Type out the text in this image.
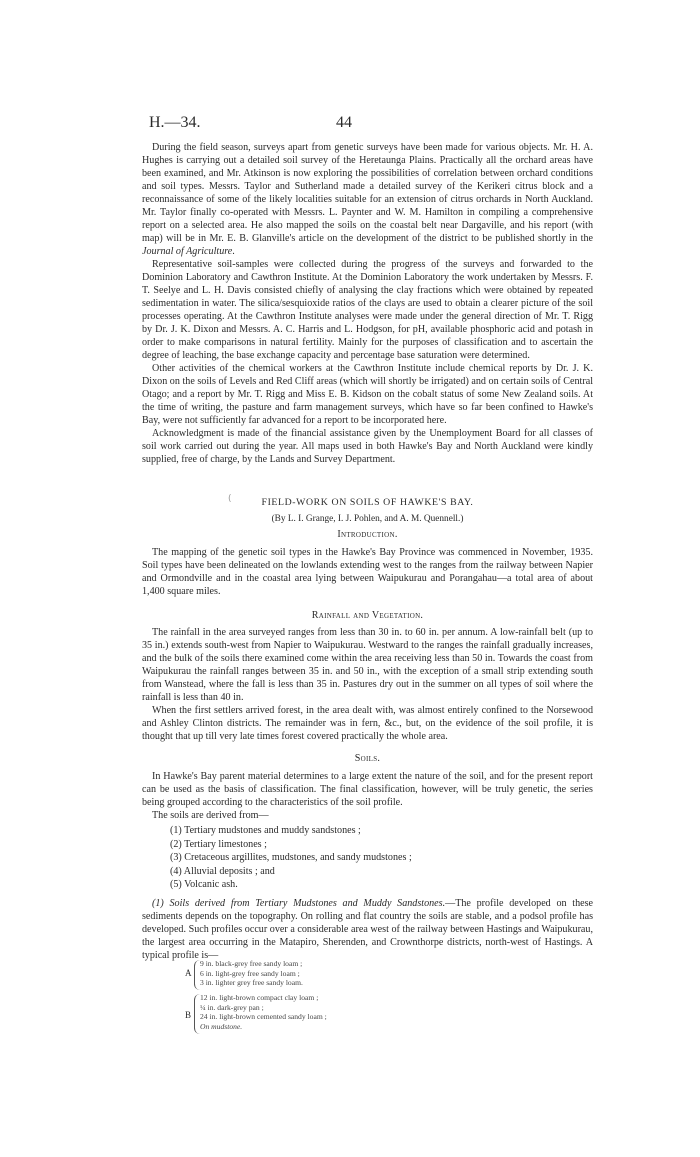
H.—34.	44

During the field season, surveys apart from genetic surveys have been made for various objects. Mr. H. A. Hughes is carrying out a detailed soil survey of the Heretaunga Plains. Practically all the orchard areas have been examined, and Mr. Atkinson is now exploring the possibilities of correlation between orchard conditions and soil types. Messrs. Taylor and Sutherland made a detailed survey of the Kerikeri citrus block and a reconnaissance of some of the likely localities suitable for an extension of citrus orchards in North Auckland. Mr. Taylor finally co-operated with Messrs. L. Paynter and W. M. Hamilton in compiling a comprehensive report on a selected area. He also mapped the soils on the coastal belt near Dargaville, and his report (with map) will be in Mr. E. B. Glanville's article on the development of the district to be published shortly in the Journal of Agriculture.

Representative soil-samples were collected during the progress of the surveys and forwarded to the Dominion Laboratory and Cawthron Institute. At the Dominion Laboratory the work undertaken by Messrs. F. T. Seelye and L. H. Davis consisted chiefly of analysing the clay fractions which were obtained by repeated sedimentation in water. The silica/sesquioxide ratios of the clays are used to obtain a clearer picture of the soil processes operating. At the Cawthron Institute analyses were made under the general direction of Mr. T. Rigg by Dr. J. K. Dixon and Messrs. A. C. Harris and L. Hodgson, for pH, available phosphoric acid and potash in order to make comparisons in natural fertility. Mainly for the purposes of classification and to ascertain the degree of leaching, the base exchange capacity and percentage base saturation were determined.

Other activities of the chemical workers at the Cawthron Institute include chemical reports by Dr. J. K. Dixon on the soils of Levels and Red Cliff areas (which will shortly be irrigated) and on certain soils of Central Otago; and a report by Mr. T. Rigg and Miss E. B. Kidson on the cobalt status of some New Zealand soils. At the time of writing, the pasture and farm management surveys, which have so far been confined to Hawke's Bay, were not sufficiently far advanced for a report to be incorporated here.

Acknowledgment is made of the financial assistance given by the Unemployment Board for all classes of soil work carried out during the year. All maps used in both Hawke's Bay and North Auckland were kindly supplied, free of charge, by the Lands and Survey Department.

(	FIELD-WORK ON SOILS OF HAWKE'S BAY.

(By L. I. Grange, I. J. Pohlen, and A. M. Quennell.)

Introduction.

The mapping of the genetic soil types in the Hawke's Bay Province was commenced in November, 1935. Soil types have been delineated on the lowlands extending west to the ranges from the railway between Napier and Ormondville and in the coastal area lying between Waipukurau and Porangahau—a total area of about 1,400 square miles.

Rainfall and Vegetation.

The rainfall in the area surveyed ranges from less than 30 in. to 60 in. per annum. A low-rainfall belt (up to 35 in.) extends south-west from Napier to Waipukurau. Westward to the ranges the rainfall gradually increases, and the bulk of the soils there examined come within the area receiving less than 50 in. Towards the coast from Waipukurau the rainfall ranges between 35 in. and 50 in., with the exception of a small strip extending south from Wanstead, where the fall is less than 35 in. Pastures dry out in the summer on all types of soil where the rainfall is less than 40 in.

When the first settlers arrived forest, in the area dealt with, was almost entirely confined to the Norsewood and Ashley Clinton districts. The remainder was in fern, &c., but, on the evidence of the soil profile, it is thought that up till very late times forest covered practically the whole area.

Soils.

In Hawke's Bay parent material determines to a large extent the nature of the soil, and for the present report can be used as the basis of classification. The final classification, however, will be truly genetic, the series being grouped according to the characteristics of the soil profile.

The soils are derived from—

(1) Tertiary mudstones and muddy sandstones ;
(2) Tertiary limestones ;
(3) Cretaceous argillites, mudstones, and sandy mudstones ;
(4) Alluvial deposits ; and
(5) Volcanic ash.

(1) Soils derived from Tertiary Mudstones and Muddy Sandstones.—The profile developed on these sediments depends on the topography. On rolling and flat country the soils are stable, and a podsol profile has developed. Such profiles occur over a considerable area west of the railway between Hastings and Waipukurau, the largest area occurring in the Matapiro, Sherenden, and Crownthorpe districts, north-west of Hastings. A typical profile is—

A
9 in. black-grey free sandy loam ;
6 in. light-grey free sandy loam ;
3 in. lighter grey free sandy loam.
B
12 in. light-brown compact clay loam ;
¼ in. dark-grey pan ;
24 in. light-brown cemented sandy loam ;
On mudstone.
